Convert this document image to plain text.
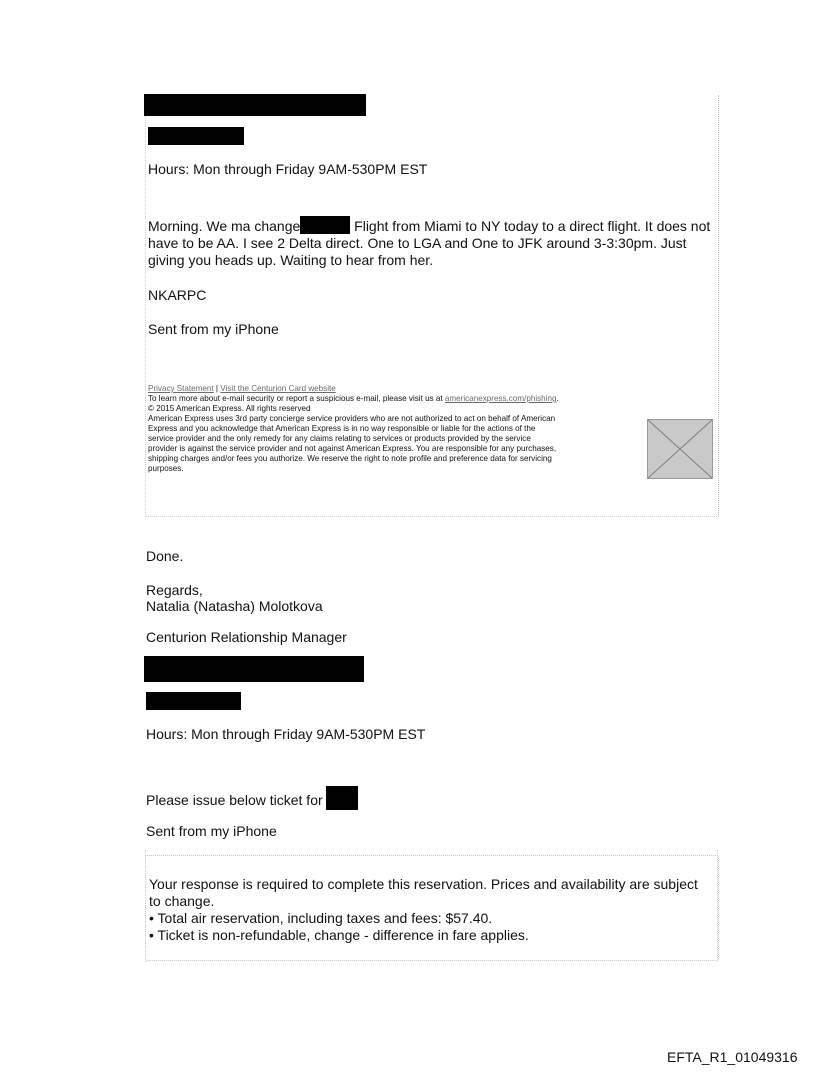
Hours: Mon through Friday 9AM-530PM EST
Morning. We ma change	Flight from Miami to NY today to a direct flight. It does not
have to be AA. I see 2 Delta direct. One to LGA and One to JFK around 3-3:30pm. Just
giving you heads up. Waiting to hear from her.
NKARPC
Sent from my iPhone
Privacy Statement | Visit the Centurion Card website
To learn more about e-mail security or report a suspicious e-mail, please visit us at americanexpress.com/phishing.
© 2015 American Express. All rights reserved
American Express uses 3rd party concierge service providers who are not authorized to act on behalf of American
Express and you acknowledge that American Express is in no way responsible or liable for the actions of the
service provider and the only remedy for any claims relating to services or products provided by the service
provider is against the service provider and not against American Express. You are responsible for any purchases,
shipping charges and/or fees you authorize. We reserve the right to note profile and preference data for servicing
purposes.
Done.
Regards,
Natalia (Natasha) Molotkova
Centurion Relationship Manager
Hours: Mon through Friday 9AM-530PM EST
Please issue below ticket for
Sent from my iPhone
Your response is required to complete this reservation. Prices and availability are subject
to change.
• Total air reservation, including taxes and fees: $57.40.
• Ticket is non-refundable, change - difference in fare applies.
EFTA_R1_01049316
